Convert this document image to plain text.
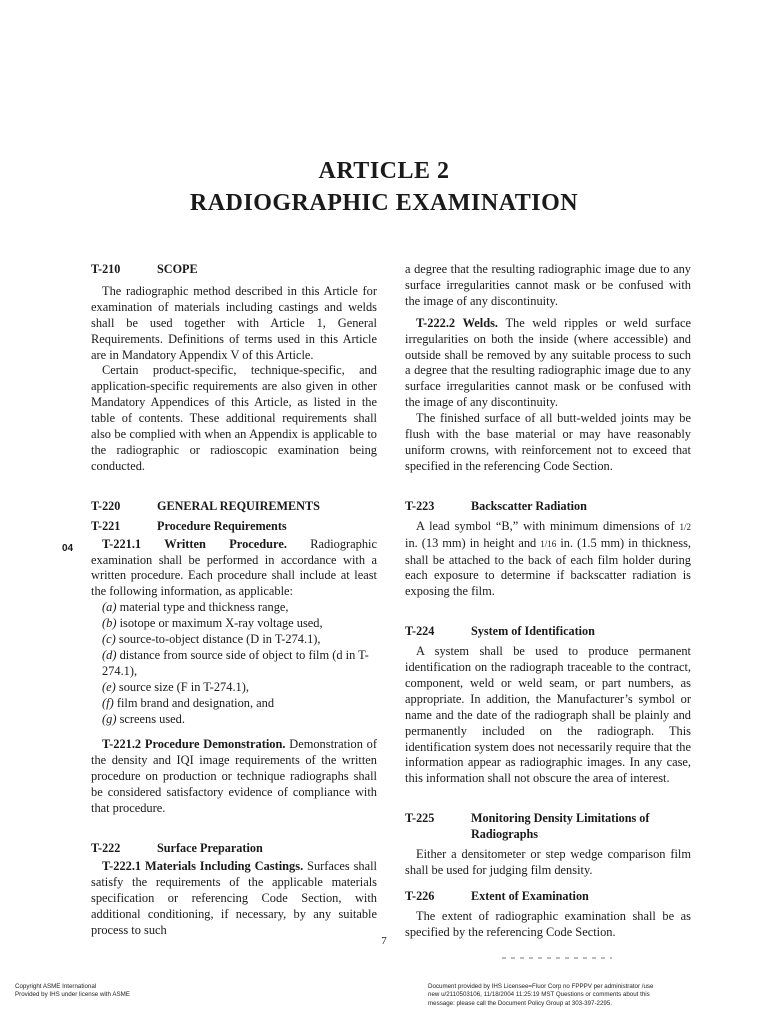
ARTICLE 2
RADIOGRAPHIC EXAMINATION
04
T-210	SCOPE

The radiographic method described in this Article for examination of materials including castings and welds shall be used together with Article 1, General Requirements. Definitions of terms used in this Article are in Mandatory Appendix V of this Article.

Certain product-specific, technique-specific, and application-specific requirements are also given in other Mandatory Appendices of this Article, as listed in the table of contents. These additional requirements shall also be complied with when an Appendix is applicable to the radiographic or radioscopic examination being conducted.

T-220	GENERAL REQUIREMENTS
T-221	Procedure Requirements

T-221.1 Written Procedure. Radiographic examination shall be performed in accordance with a written procedure. Each procedure shall include at least the following information, as applicable:

(a) material type and thickness range,

(b) isotope or maximum X-ray voltage used,

(c) source-to-object distance (D in T-274.1),

(d) distance from source side of object to film (d in T-274.1),

(e) source size (F in T-274.1),

(f) film brand and designation, and

(g) screens used.

T-221.2 Procedure Demonstration. Demonstration of the density and IQI image requirements of the written procedure on production or technique radiographs shall be considered satisfactory evidence of compliance with that procedure.

T-222	Surface Preparation

T-222.1 Materials Including Castings. Surfaces shall satisfy the requirements of the applicable materials specification or referencing Code Section, with additional conditioning, if necessary, by any suitable process to such

a degree that the resulting radiographic image due to any surface irregularities cannot mask or be confused with the image of any discontinuity.

T-222.2 Welds. The weld ripples or weld surface irregularities on both the inside (where accessible) and outside shall be removed by any suitable process to such a degree that the resulting radiographic image due to any surface irregularities cannot mask or be confused with the image of any discontinuity.

The finished surface of all butt-welded joints may be flush with the base material or may have reasonably uniform crowns, with reinforcement not to exceed that specified in the referencing Code Section.

T-223	Backscatter Radiation

A lead symbol “B,” with minimum dimensions of 1/2 in. (13 mm) in height and 1/16 in. (1.5 mm) in thickness, shall be attached to the back of each film holder during each exposure to determine if backscatter radiation is exposing the film.

T-224	System of Identification

A system shall be used to produce permanent identification on the radiograph traceable to the contract, component, weld or weld seam, or part numbers, as appropriate. In addition, the Manufacturer’s symbol or name and the date of the radiograph shall be plainly and permanently included on the radiograph. This identification system does not necessarily require that the information appear as radiographic images. In any case, this information shall not obscure the area of interest.

T-225	Monitoring Density Limitations of Radiographs

Either a densitometer or step wedge comparison film shall be used for judging film density.

T-226	Extent of Examination

The extent of radiographic examination shall be as specified by the referencing Code Section.

7
Copyright ASME International
Provided by IHS under license with ASME
Document provided by IHS Licensee=Fluor Corp no FPPPV per administrator /use
new u/2110503106, 11/18/2004 11:25:19 MST Questions or comments about this
message: please call the Document Policy Group at 303-397-2295.
